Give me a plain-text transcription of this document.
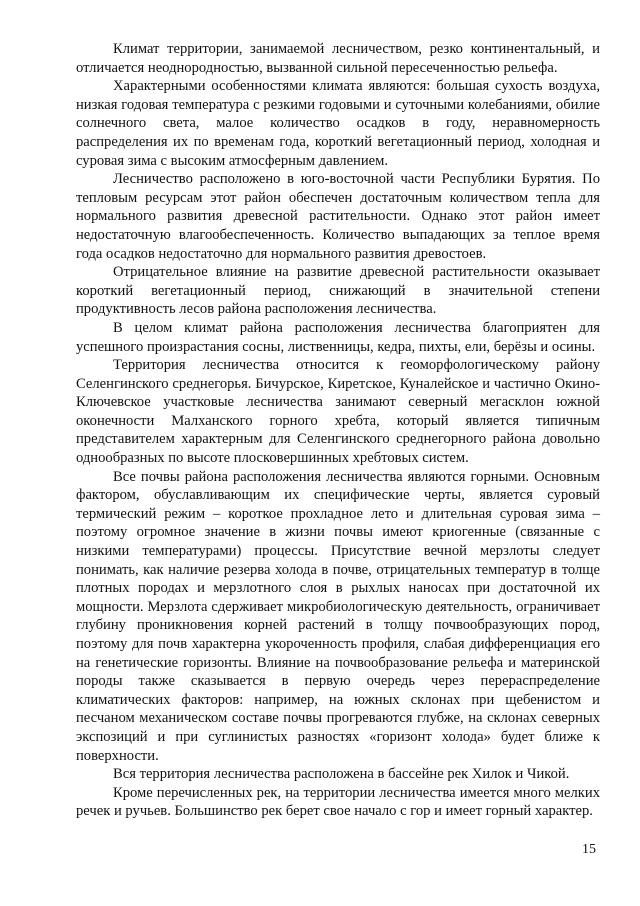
Климат территории, занимаемой лесничеством, резко континентальный, и отличается неоднородностью, вызванной сильной пересеченностью рельефа.

Характерными особенностями климата являются: большая сухость воздуха, низкая годовая температура с резкими годовыми и суточными колебаниями, обилие солнечного света, малое количество осадков в году, неравномерность распределения их по временам года, короткий вегетационный период, холодная и суровая зима с высоким атмосферным давлением.

Лесничество расположено в юго-восточной части Республики Бурятия. По тепловым ресурсам этот район обеспечен достаточным количеством тепла для нормального развития древесной растительности. Однако этот район имеет недостаточную влагообеспеченность. Количество выпадающих за теплое время года осадков недостаточно для нормального развития древостоев.

Отрицательное влияние на развитие древесной растительности оказывает короткий вегетационный период, снижающий в значительной степени продуктивность лесов района расположения лесничества.

В целом климат района расположения лесничества благоприятен для успешного произрастания сосны, лиственницы, кедра, пихты, ели, берёзы и осины.

Территория лесничества относится к геоморфологическому району Селенгинского среднегорья. Бичурское, Киретское, Куналейское и частично Окино-Ключевское участковые лесничества занимают северный мегасклон южной оконечности Малханского горного хребта, который является типичным представителем характерным для Селенгинского среднегорного района довольно однообразных по высоте плосковершинных хребтовых систем.

Все почвы района расположения лесничества являются горными. Основным фактором, обуславливающим их специфические черты, является суровый термический режим – короткое прохладное лето и длительная суровая зима – поэтому огромное значение в жизни почвы имеют криогенные (связанные с низкими температурами) процессы. Присутствие вечной мерзлоты следует понимать, как наличие резерва холода в почве, отрицательных температур в толще плотных породах и мерзлотного слоя в рыхлых наносах при достаточной их мощности. Мерзлота сдерживает микробиологическую деятельность, ограничивает глубину проникновения корней растений в толщу почвообразующих пород, поэтому для почв характерна укороченность профиля, слабая дифференциация его на генетические горизонты. Влияние на почвообразование рельефа и материнской породы также сказывается в первую очередь через перераспределение климатических факторов: например, на южных склонах при щебенистом и песчаном механическом составе почвы прогреваются глубже, на склонах северных экспозиций и при суглинистых разностях «горизонт холода» будет ближе к поверхности.

Вся территория лесничества расположена в бассейне рек Хилок и Чикой.

Кроме перечисленных рек, на территории лесничества имеется много мелких речек и ручьев. Большинство рек берет свое начало с гор и имеет горный характер.

15
